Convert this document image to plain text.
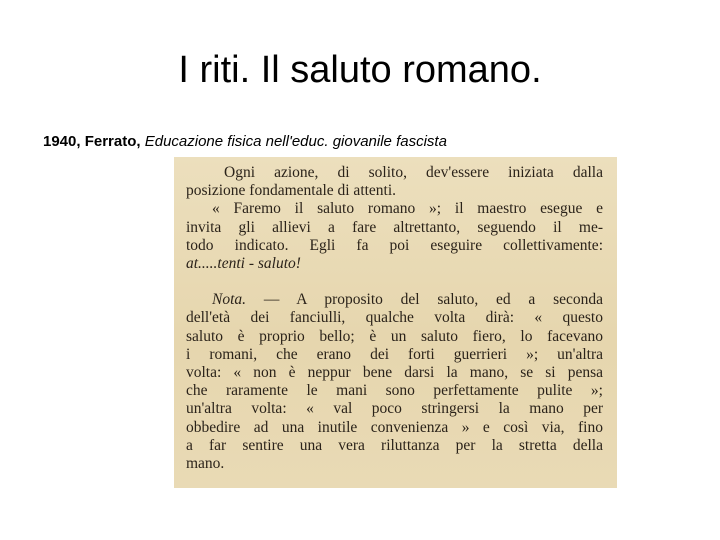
I riti. Il saluto romano.
1940, Ferrato, Educazione fisica nell'educ. giovanile fascista

Ogni azione, di solito, dev'essere iniziata dalla
posizione fondamentale di attenti.

« Faremo il saluto romano »; il maestro esegue e
invita gli allievi a fare altrettanto, seguendo il me-
todo indicato. Egli fa poi eseguire collettivamente:
at.....tenti - saluto!

Nota. — A proposito del saluto, ed a seconda
dell'età dei fanciulli, qualche volta dirà: « questo
saluto è proprio bello; è un saluto fiero, lo facevano
i romani, che erano dei forti guerrieri »; un'altra
volta: « non è neppur bene darsi la mano, se si pensa
che raramente le mani sono perfettamente pulite »;
un'altra volta: « val poco stringersi la mano per
obbedire ad una inutile convenienza » e così via, fino
a far sentire una vera riluttanza per la stretta della
mano.
